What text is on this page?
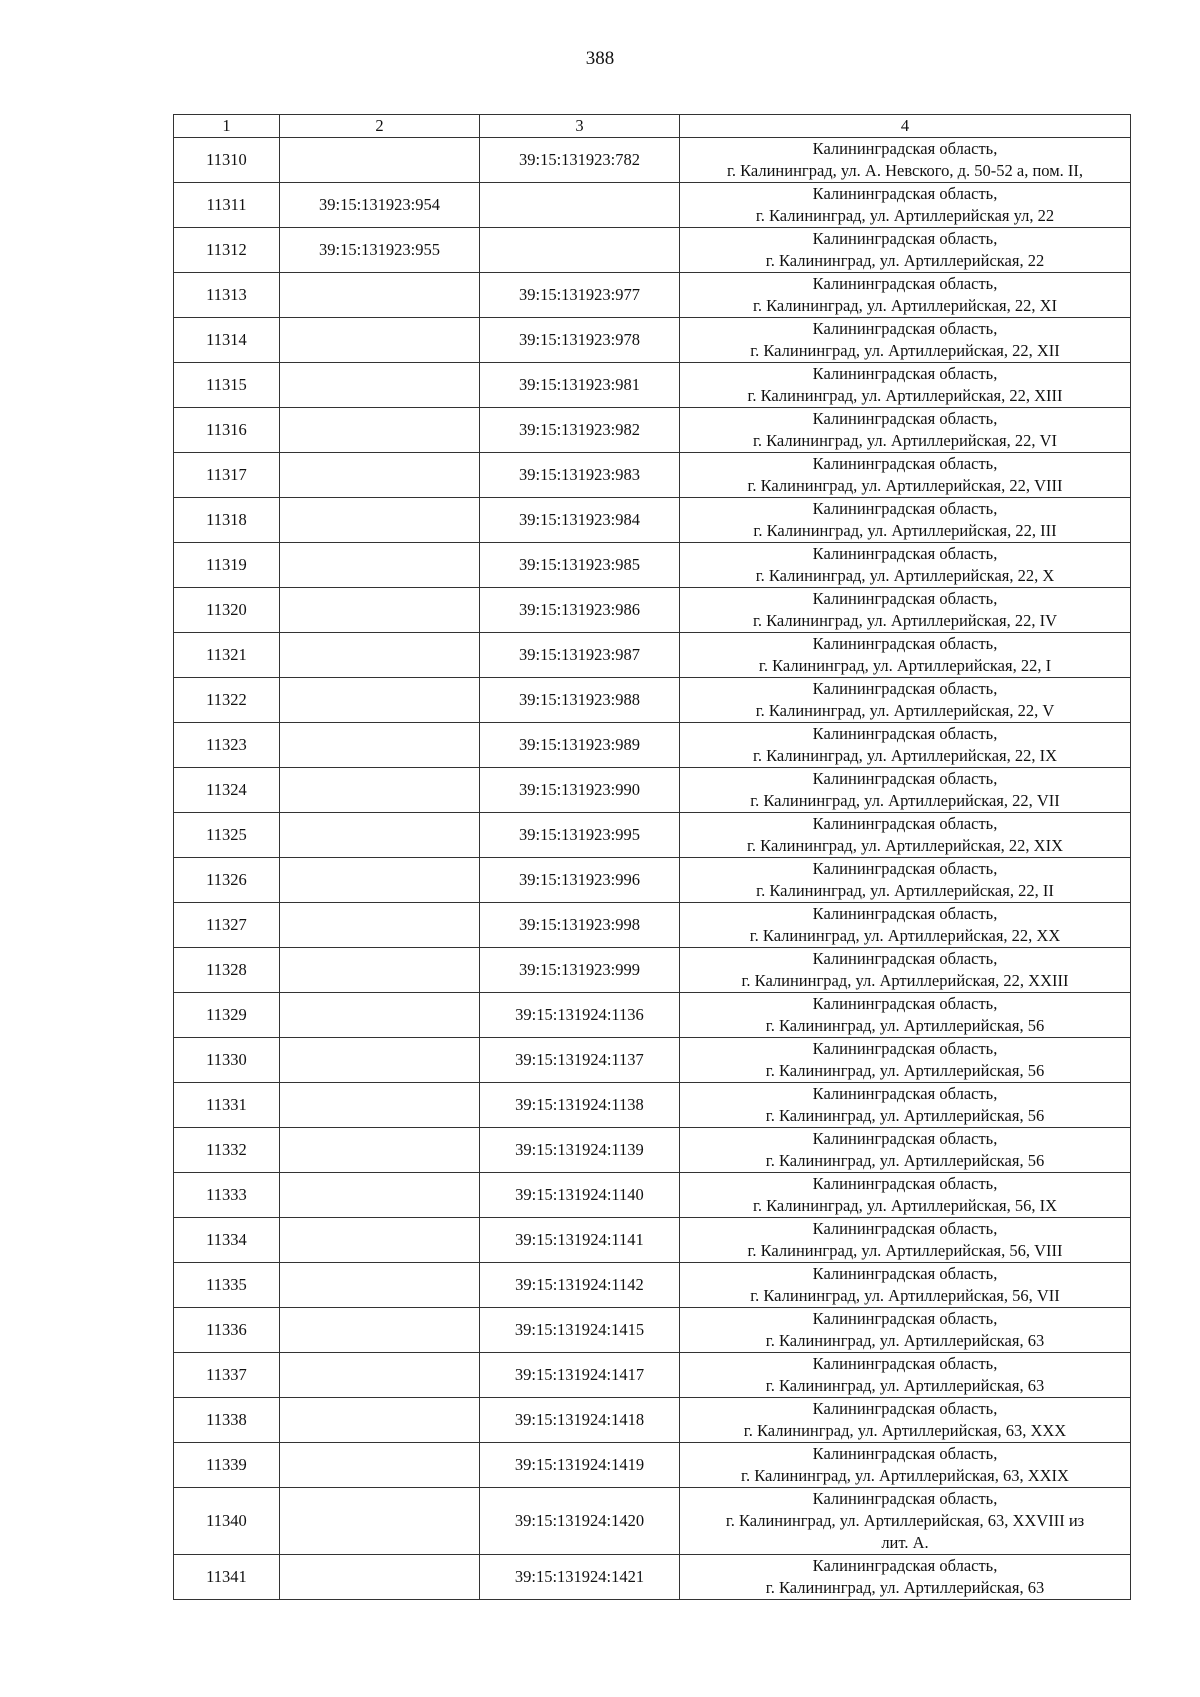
388
1	2	3	4
11310		39:15:131923:782	Калининградская область,
г. Калининград, ул. А. Невского, д. 50-52 а, пом. II,

11311	39:15:131923:954		Калининградская область,
г. Калининград, ул. Артиллерийская ул, 22

11312	39:15:131923:955		Калининградская область,
г. Калининград, ул. Артиллерийская, 22

11313		39:15:131923:977	Калининградская область,
г. Калининград, ул. Артиллерийская, 22, XI

11314		39:15:131923:978	Калининградская область,
г. Калининград, ул. Артиллерийская, 22, XII

11315		39:15:131923:981	Калининградская область,
г. Калининград, ул. Артиллерийская, 22, XIII

11316		39:15:131923:982	Калининградская область,
г. Калининград, ул. Артиллерийская, 22, VI

11317		39:15:131923:983	Калининградская область,
г. Калининград, ул. Артиллерийская, 22, VIII

11318		39:15:131923:984	Калининградская область,
г. Калининград, ул. Артиллерийская, 22, III

11319		39:15:131923:985	Калининградская область,
г. Калининград, ул. Артиллерийская, 22, X

11320		39:15:131923:986	Калининградская область,
г. Калининград, ул. Артиллерийская, 22, IV

11321		39:15:131923:987	Калининградская область,
г. Калининград, ул. Артиллерийская, 22, I

11322		39:15:131923:988	Калининградская область,
г. Калининград, ул. Артиллерийская, 22, V

11323		39:15:131923:989	Калининградская область,
г. Калининград, ул. Артиллерийская, 22, IX

11324		39:15:131923:990	Калининградская область,
г. Калининград, ул. Артиллерийская, 22, VII

11325		39:15:131923:995	Калининградская область,
г. Калининград, ул. Артиллерийская, 22, XIX

11326		39:15:131923:996	Калининградская область,
г. Калининград, ул. Артиллерийская, 22, II

11327		39:15:131923:998	Калининградская область,
г. Калининград, ул. Артиллерийская, 22, XX

11328		39:15:131923:999	Калининградская область,
г. Калининград, ул. Артиллерийская, 22, XXIII

11329		39:15:131924:1136	Калининградская область,
г. Калининград, ул. Артиллерийская, 56

11330		39:15:131924:1137	Калининградская область,
г. Калининград, ул. Артиллерийская, 56

11331		39:15:131924:1138	Калининградская область,
г. Калининград, ул. Артиллерийская, 56

11332		39:15:131924:1139	Калининградская область,
г. Калининград, ул. Артиллерийская, 56

11333		39:15:131924:1140	Калининградская область,
г. Калининград, ул. Артиллерийская, 56, IX

11334		39:15:131924:1141	Калининградская область,
г. Калининград, ул. Артиллерийская, 56, VIII

11335		39:15:131924:1142	Калининградская область,
г. Калининград, ул. Артиллерийская, 56, VII

11336		39:15:131924:1415	Калининградская область,
г. Калининград, ул. Артиллерийская, 63

11337		39:15:131924:1417	Калининградская область,
г. Калининград, ул. Артиллерийская, 63

11338		39:15:131924:1418	Калининградская область,
г. Калининград, ул. Артиллерийская, 63, XXX

11339		39:15:131924:1419	Калининградская область,
г. Калининград, ул. Артиллерийская, 63, XXIX

11340		39:15:131924:1420	Калининградская область,
г. Калининград, ул. Артиллерийская, 63, XXVIII из
лит. А.

11341		39:15:131924:1421	Калининградская область,
г. Калининград, ул. Артиллерийская, 63
